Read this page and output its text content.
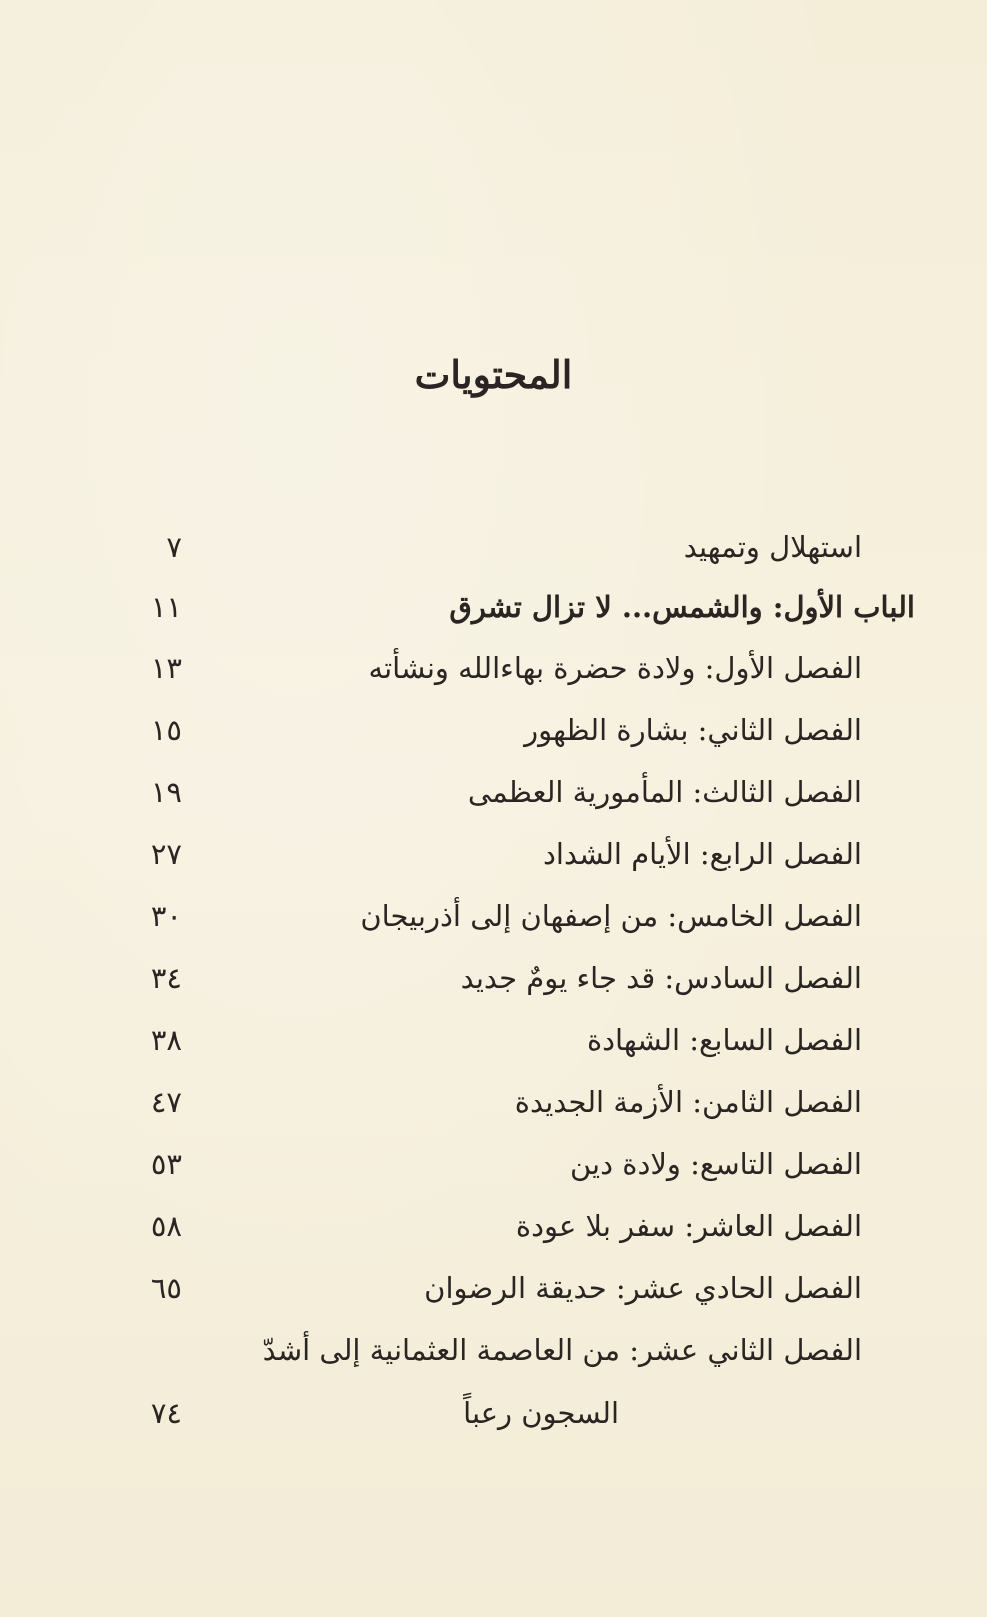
المحتويات
استهلال وتمهيد
٧
الباب الأول: والشمس... لا تزال تشرق
١١
الفصل الأول: ولادة حضرة بهاءالله ونشأته
١٣
الفصل الثاني: بشارة الظهور
١٥
الفصل الثالث: المأمورية العظمى
١٩
الفصل الرابع: الأيام الشداد
٢٧
الفصل الخامس: من إصفهان إلى أذربيجان
٣٠
الفصل السادس: قد جاء يومٌ جديد
٣٤
الفصل السابع: الشهادة
٣٨
الفصل الثامن: الأزمة الجديدة
٤٧
الفصل التاسع: ولادة دين
٥٣
الفصل العاشر: سفر بلا عودة
٥٨
الفصل الحادي عشر: حديقة الرضوان
٦٥
الفصل الثاني عشر: من العاصمة العثمانية إلى أشدّ
السجون رعباً
٧٤
